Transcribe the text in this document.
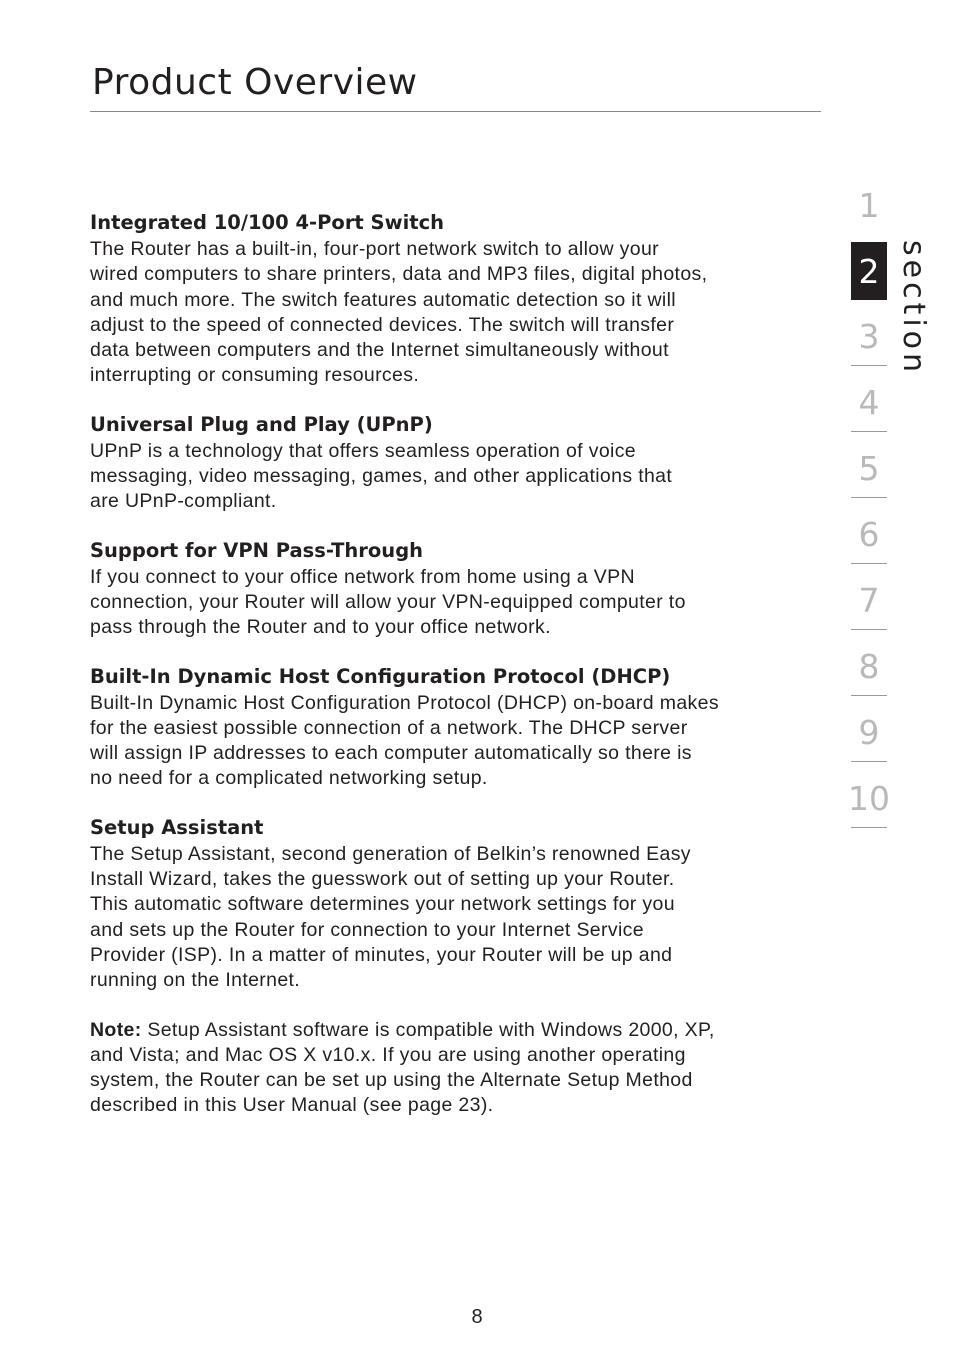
Product Overview
Integrated 10/100 4-Port Switch
The Router has a built-in, four-port network switch to allow your
wired computers to share printers, data and MP3 files, digital photos,
and much more. The switch features automatic detection so it will
adjust to the speed of connected devices. The switch will transfer
data between computers and the Internet simultaneously without
interrupting or consuming resources.
Universal Plug and Play (UPnP)
UPnP is a technology that offers seamless operation of voice
messaging, video messaging, games, and other applications that
are UPnP-compliant.
Support for VPN Pass-Through
If you connect to your office network from home using a VPN
connection, your Router will allow your VPN-equipped computer to
pass through the Router and to your office network.
Built-In Dynamic Host Configuration Protocol (DHCP)
Built-In Dynamic Host Configuration Protocol (DHCP) on-board makes
for the easiest possible connection of a network. The DHCP server
will assign IP addresses to each computer automatically so there is
no need for a complicated networking setup.
Setup Assistant
The Setup Assistant, second generation of Belkin’s renowned Easy
Install Wizard, takes the guesswork out of setting up your Router.
This automatic software determines your network settings for you
and sets up the Router for connection to your Internet Service
Provider (ISP). In a matter of minutes, your Router will be up and
running on the Internet.
Note: Setup Assistant software is compatible with Windows 2000, XP,
and Vista; and Mac OS X v10.x. If you are using another operating
system, the Router can be set up using the Alternate Setup Method
described in this User Manual (see page 23).
1
2
3
4
5
6
7
8
9
10
section
8
